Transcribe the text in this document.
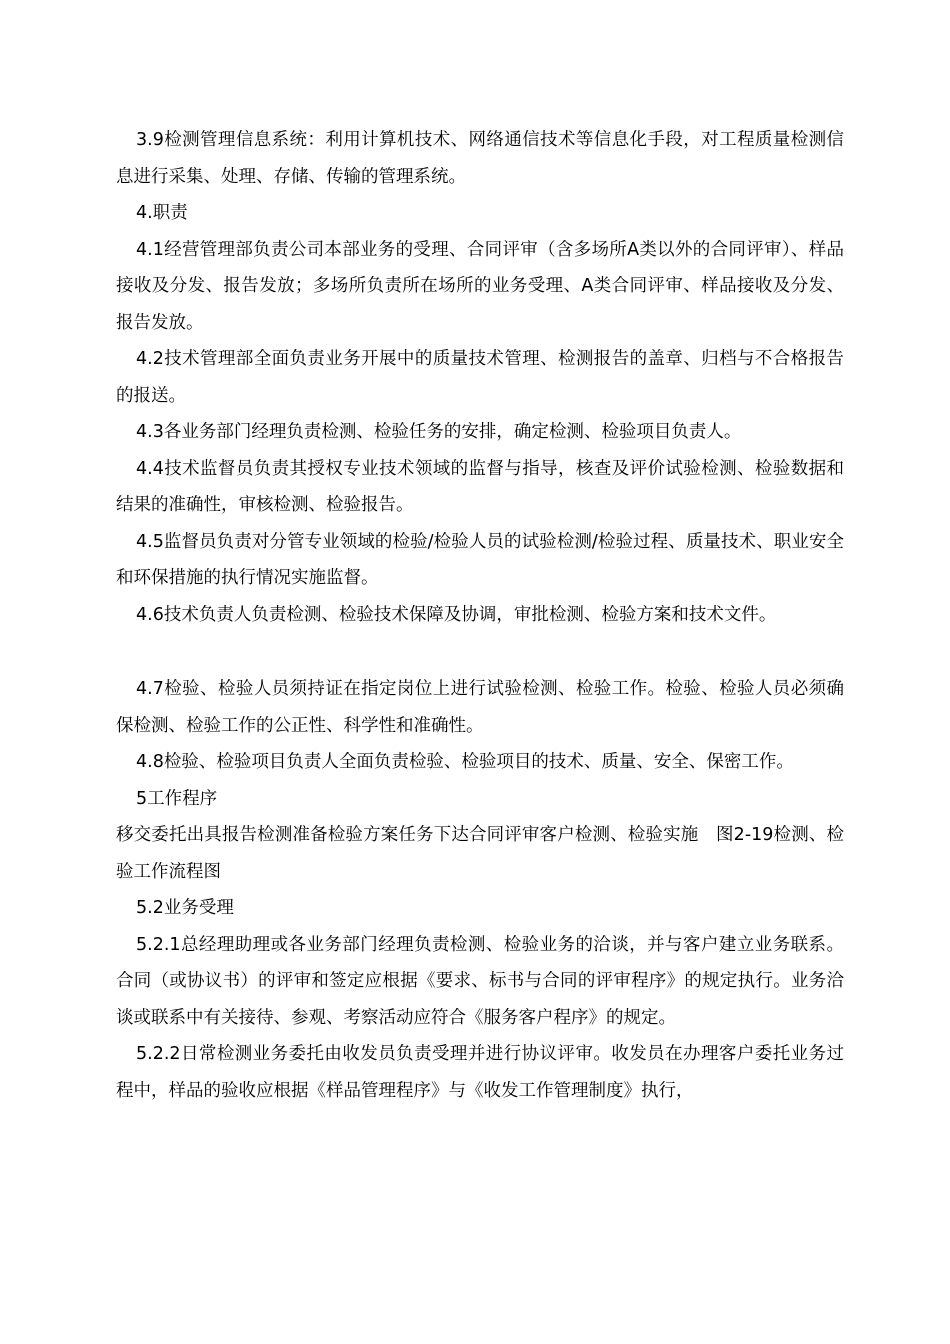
3.9检测管理信息系统：利用计算机技术、网络通信技术等信息化手段，对工程质量检测信息进行采集、处理、存储、传输的管理系统。

4.职责

4.1经营管理部负责公司本部业务的受理、合同评审（含多场所A类以外的合同评审）、样品接收及分发、报告发放；多场所负责所在场所的业务受理、A类合同评审、样品接收及分发、报告发放。

4.2技术管理部全面负责业务开展中的质量技术管理、检测报告的盖章、归档与不合格报告的报送。

4.3各业务部门经理负责检测、检验任务的安排，确定检测、检验项目负责人。

4.4技术监督员负责其授权专业技术领域的监督与指导，核查及评价试验检测、检验数据和结果的准确性，审核检测、检验报告。

4.5监督员负责对分管专业领域的检验/检验人员的试验检测/检验过程、质量技术、职业安全和环保措施的执行情况实施监督。

4.6技术负责人负责检测、检验技术保障及协调，审批检测、检验方案和技术文件。

4.7检验、检验人员须持证在指定岗位上进行试验检测、检验工作。检验、检验人员必须确保检测、检验工作的公正性、科学性和准确性。

4.8检验、检验项目负责人全面负责检验、检验项目的技术、质量、安全、保密工作。

5工作程序

移交委托出具报告检测准备检验方案任务下达合同评审客户检测、检验实施　图2-19检测、检验工作流程图

5.2业务受理

5.2.1总经理助理或各业务部门经理负责检测、检验业务的洽谈，并与客户建立业务联系。合同（或协议书）的评审和签定应根据《要求、标书与合同的评审程序》的规定执行。业务洽谈或联系中有关接待、参观、考察活动应符合《服务客户程序》的规定。

5.2.2日常检测业务委托由收发员负责受理并进行协议评审。收发员在办理客户委托业务过程中，样品的验收应根据《样品管理程序》与《收发工作管理制度》执行，
